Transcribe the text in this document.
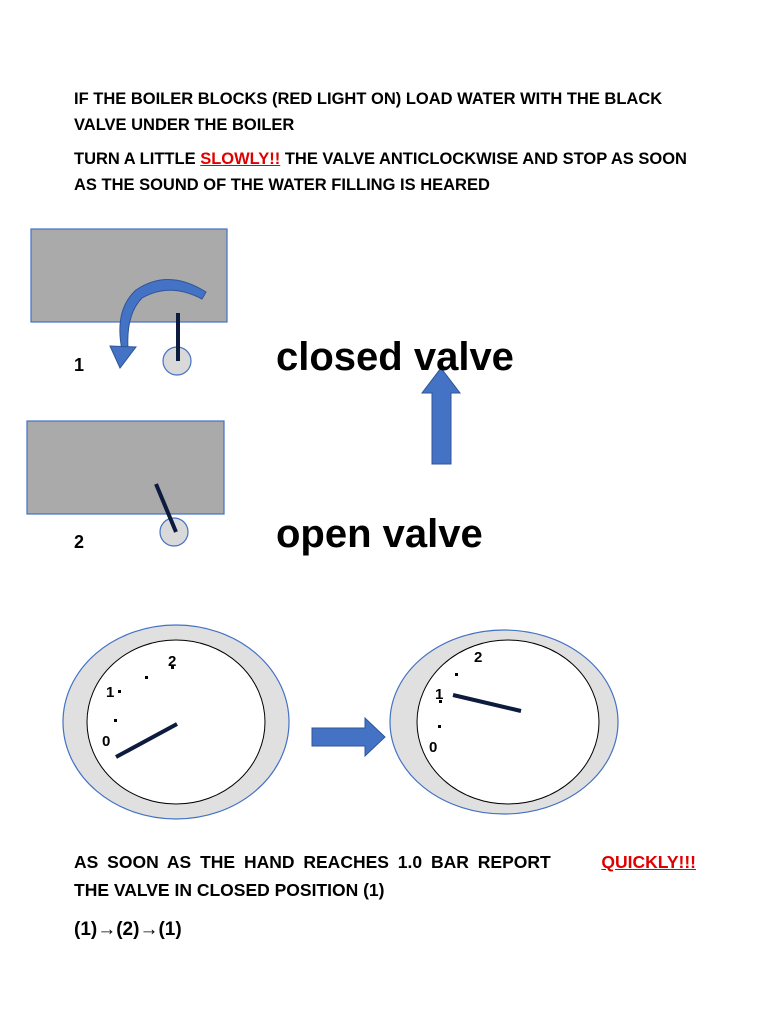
IF THE BOILER BLOCKS (RED LIGHT ON) LOAD WATER WITH THE BLACK VALVE UNDER THE BOILER
TURN A LITTLE SLOWLY!! THE VALVE ANTICLOCKWISE AND STOP AS SOON AS THE SOUND OF THE WATER FILLING IS HEARED
2
1
0
2
1
0
1
2
closed valve
open valve
AS SOON AS THE HAND REACHES 1.0 BAR REPORT	QUICKLY!!!
THE VALVE IN CLOSED POSITION (1)
(1)→(2)→(1)
